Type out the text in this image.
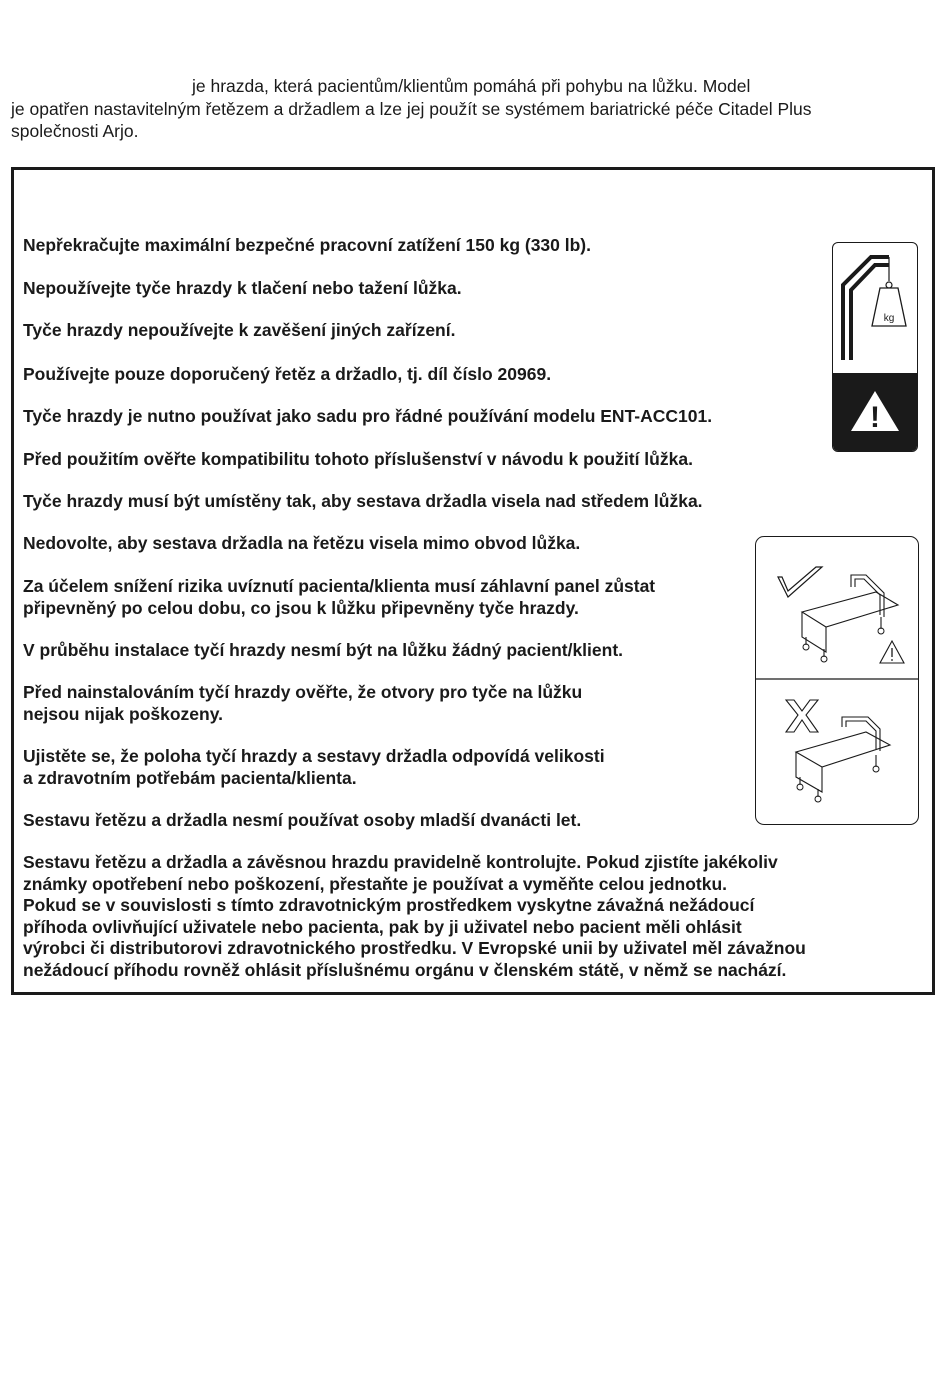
je hrazda, která pacientům/klientům pomáhá při pohybu na lůžku. Model
je opatřen nastavitelným řetězem a držadlem a lze jej použít se systémem bariatrické péče Citadel Plus
společnosti Arjo.

Nepřekračujte maximální bezpečné pracovní zatížení 150 kg (330 lb).

Nepoužívejte tyče hrazdy k tlačení nebo tažení lůžka.

Tyče hrazdy nepoužívejte k zavěšení jiných zařízení.

Používejte pouze doporučený řetěz a držadlo, tj. díl číslo 20969.

Tyče hrazdy je nutno používat jako sadu pro řádné používání modelu ENT-ACC101.

Před použitím ověřte kompatibilitu tohoto příslušenství v návodu k použití lůžka.

Tyče hrazdy musí být umístěny tak, aby sestava držadla visela nad středem lůžka.

Nedovolte, aby sestava držadla na řetězu visela mimo obvod lůžka.

Za účelem snížení rizika uvíznutí pacienta/klienta musí záhlavní panel zůstat
připevněný po celou dobu, co jsou k lůžku připevněny tyče hrazdy.

V průběhu instalace tyčí hrazdy nesmí být na lůžku žádný pacient/klient.

Před nainstalováním tyčí hrazdy ověřte, že otvory pro tyče na lůžku
nejsou nijak poškozeny.

Ujistěte se, že poloha tyčí hrazdy a sestavy držadla odpovídá velikosti
a zdravotním potřebám pacienta/klienta.

Sestavu řetězu a držadla nesmí používat osoby mladší dvanácti let.

Sestavu řetězu a držadla a závěsnou hrazdu pravidelně kontrolujte. Pokud zjistíte jakékoliv
známky opotřebení nebo poškození, přestaňte je používat a vyměňte celou jednotku.
Pokud se v souvislosti s tímto zdravotnickým prostředkem vyskytne závažná nežádoucí
příhoda ovlivňující uživatele nebo pacienta, pak by ji uživatel nebo pacient měli ohlásit
výrobci či distributorovi zdravotnického prostředku. V Evropské unii by uživatel měl závažnou
nežádoucí příhodu rovněž ohlásit příslušnému orgánu v členském státě, v němž se nachází.

kg
!
